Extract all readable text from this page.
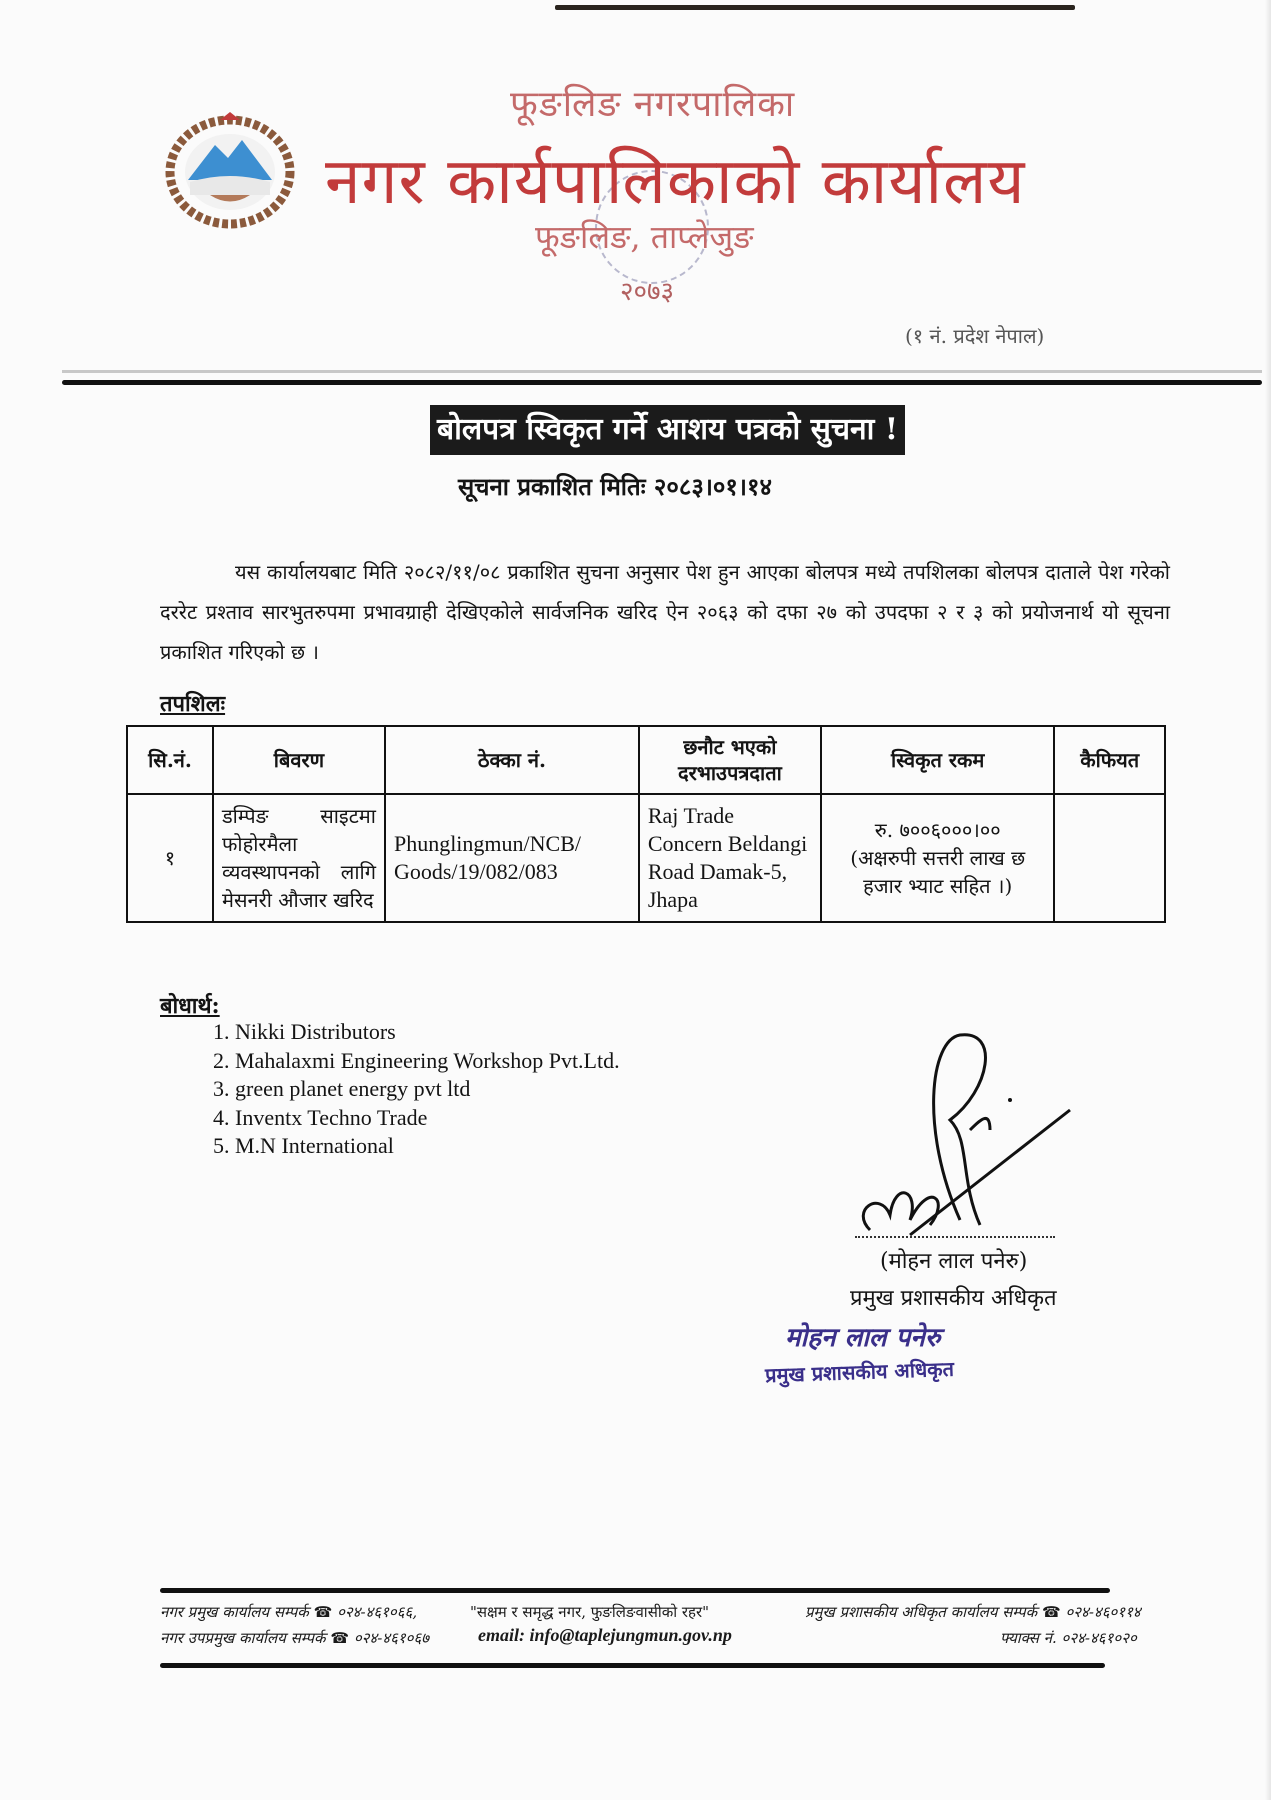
फूङलिङ नगरपालिका
नगर कार्यपालिकाको कार्यालय
फूङलिङ, ताप्लेजुङ
२०७३
(१ नं. प्रदेश नेपाल)
बोलपत्र स्विकृत गर्ने आशय पत्रको सुचना !
सूचना प्रकाशित मितिः २०८३।०१।१४
यस कार्यालयबाट मिति २०८२/११/०८ प्रकाशित सुचना अनुसार पेश हुन आएका बोलपत्र मध्ये तपशिलका बोलपत्र दाताले पेश गरेको दररेट प्रश्ताव सारभुतरुपमा प्रभावग्राही देखिएकोले सार्वजनिक खरिद ऐन २०६३ को दफा २७ को उपदफा २ र ३ को प्रयोजनार्थ यो सूचना प्रकाशित गरिएको छ ।
तपशिलः
सि.नं.	बिवरण	ठेक्का नं.	छनौट भएको दरभाउपत्रदाता	स्विकृत रकम	कैफियत
१	डम्पिङ साइटमा फोहोरमैला व्यवस्थापनको लागि मेसनरी औजार खरिद	Phunglingmun/NCB/ Goods/19/082/083	Raj Trade Concern Beldangi Road Damak-5, Jhapa	रु. ७००६०००।००
(अक्षरुपी सत्तरी लाख छ हजार भ्याट सहित ।)	

बोधार्थ:
1. Nikki Distributors
2. Mahalaxmi Engineering Workshop Pvt.Ltd.
3. green planet energy pvt ltd
4. Inventx Techno Trade
5. M.N International
(मोहन लाल पनेरु)
प्रमुख प्रशासकीय अधिकृत
मोहन लाल पनेरु
प्रमुख प्रशासकीय अधिकृत
नगर प्रमुख कार्यालय सम्पर्क ☎ ०२४-४६१०६६,
नगर उपप्रमुख कार्यालय सम्पर्क ☎ ०२४-४६१०६७
"सक्षम र समृद्ध नगर, फुङलिङवासीको रहर"
email: info@taplejungmun.gov.np
प्रमुख प्रशासकीय अधिकृत कार्यालय सम्पर्क ☎ ०२४-४६०११४
फ्याक्स नं. ०२४-४६१०२०
